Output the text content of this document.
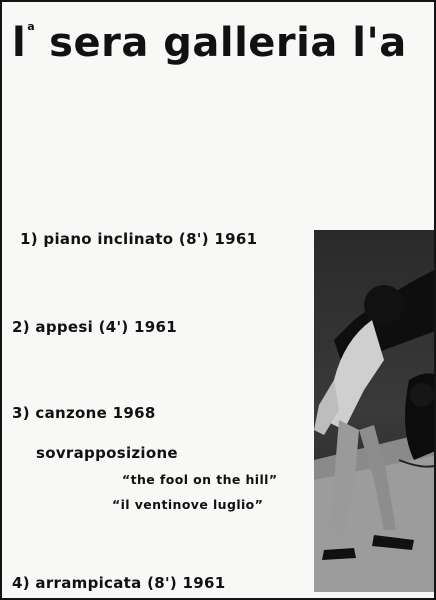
$l^a$ sera galleria l'a
1) piano inclinato (8') 1961
2) appesi (4') 1961
3) canzone 1968
sovrapposizione
“the fool on the hill”
“il ventinove luglio”
4) arrampicata (8') 1961
